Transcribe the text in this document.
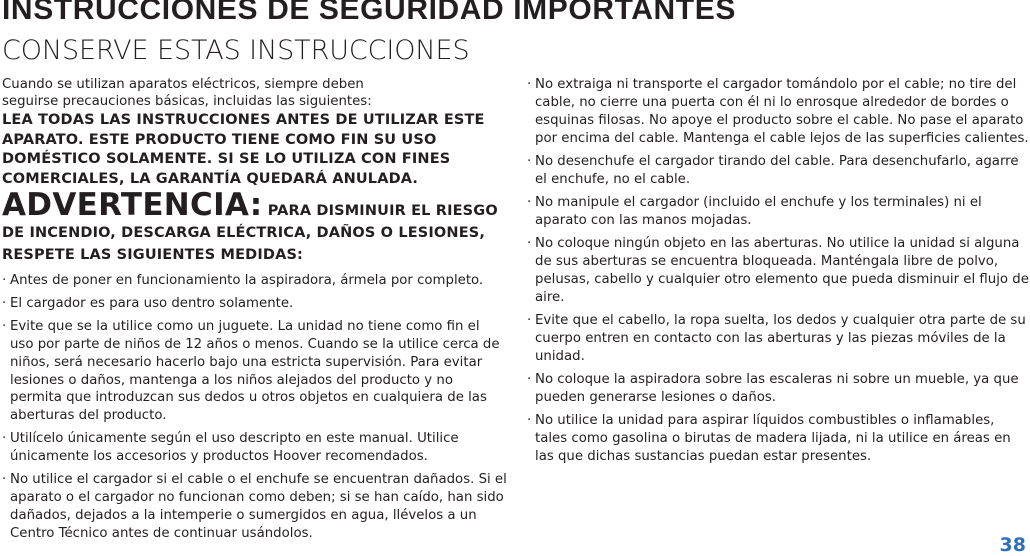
INSTRUCCIONES DE SEGURIDAD IMPORTANTES
CONSERVE ESTAS INSTRUCCIONES

Cuando se utilizan aparatos eléctricos, siempre deben seguirse precauciones básicas, incluidas las siguientes:

LEA TODAS LAS INSTRUCCIONES ANTES DE UTILIZAR ESTE APARATO. ESTE PRODUCTO TIENE COMO FIN SU USO DOMÉSTICO SOLAMENTE. SI SE LO UTILIZA CON FINES COMERCIALES, LA GARANTÍA QUEDARÁ ANULADA.

ADVERTENCIA: PARA DISMINUIR EL RIESGO DE INCENDIO, DESCARGA ELÉCTRICA, DAÑOS O LESIONES, RESPETE LAS SIGUIENTES MEDIDAS:

· Antes de poner en funcionamiento la aspiradora, ármela por completo.
· El cargador es para uso dentro solamente.
· Evite que se la utilice como un juguete. La unidad no tiene como fin el uso por parte de niños de 12 años o menos. Cuando se la utilice cerca de niños, será necesario hacerlo bajo una estricta supervisión. Para evitar lesiones o daños, mantenga a los niños alejados del producto y no permita que introduzcan sus dedos u otros objetos en cualquiera de las aberturas del producto.
· Utilícelo únicamente según el uso descripto en este manual. Utilice únicamente los accesorios y productos Hoover recomendados.
· No utilice el cargador si el cable o el enchufe se encuentran dañados. Si el aparato o el cargador no funcionan como deben; si se han caído, han sido dañados, dejados a la intemperie o sumergidos en agua, llévelos a un Centro Técnico antes de continuar usándolos.
· No extraiga ni transporte el cargador tomándolo por el cable; no tire del cable, no cierre una puerta con él ni lo enrosque alrededor de bordes o esquinas filosas. No apoye el producto sobre el cable. No pase el aparato por encima del cable. Mantenga el cable lejos de las superficies calientes.
· No desenchufe el cargador tirando del cable. Para desenchufarlo, agarre el enchufe, no el cable.
· No manipule el cargador (incluido el enchufe y los terminales) ni el aparato con las manos mojadas.
· No coloque ningún objeto en las aberturas. No utilice la unidad si alguna de sus aberturas se encuentra bloqueada. Manténgala libre de polvo, pelusas, cabello y cualquier otro elemento que pueda disminuir el flujo de aire.
· Evite que el cabello, la ropa suelta, los dedos y cualquier otra parte de su cuerpo entren en contacto con las aberturas y las piezas móviles de la unidad.
· No coloque la aspiradora sobre las escaleras ni sobre un mueble, ya que pueden generarse lesiones o daños.
· No utilice la unidad para aspirar líquidos combustibles o inflamables, tales como gasolina o birutas de madera lijada, ni la utilice en áreas en las que dichas sustancias puedan estar presentes.
38
